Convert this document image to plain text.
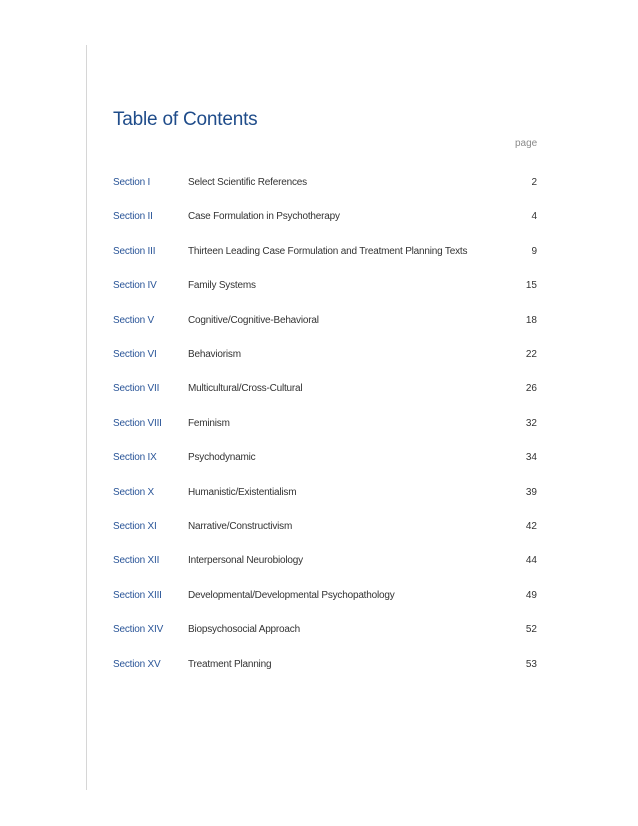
Table of Contents
page
Section I	Select Scientific References	2
Section II	Case Formulation in Psychotherapy	4
Section III	Thirteen Leading Case Formulation and Treatment Planning Texts	9
Section IV	Family Systems	15
Section V	Cognitive/Cognitive-Behavioral	18
Section VI	Behaviorism	22
Section VII	Multicultural/Cross-Cultural	26
Section VIII	Feminism	32
Section IX	Psychodynamic	34
Section X	Humanistic/Existentialism	39
Section XI	Narrative/Constructivism	42
Section XII	Interpersonal Neurobiology	44
Section XIII	Developmental/Developmental Psychopathology	49
Section XIV Biopsychosocial Approach	52
Section XV	Treatment Planning	53
